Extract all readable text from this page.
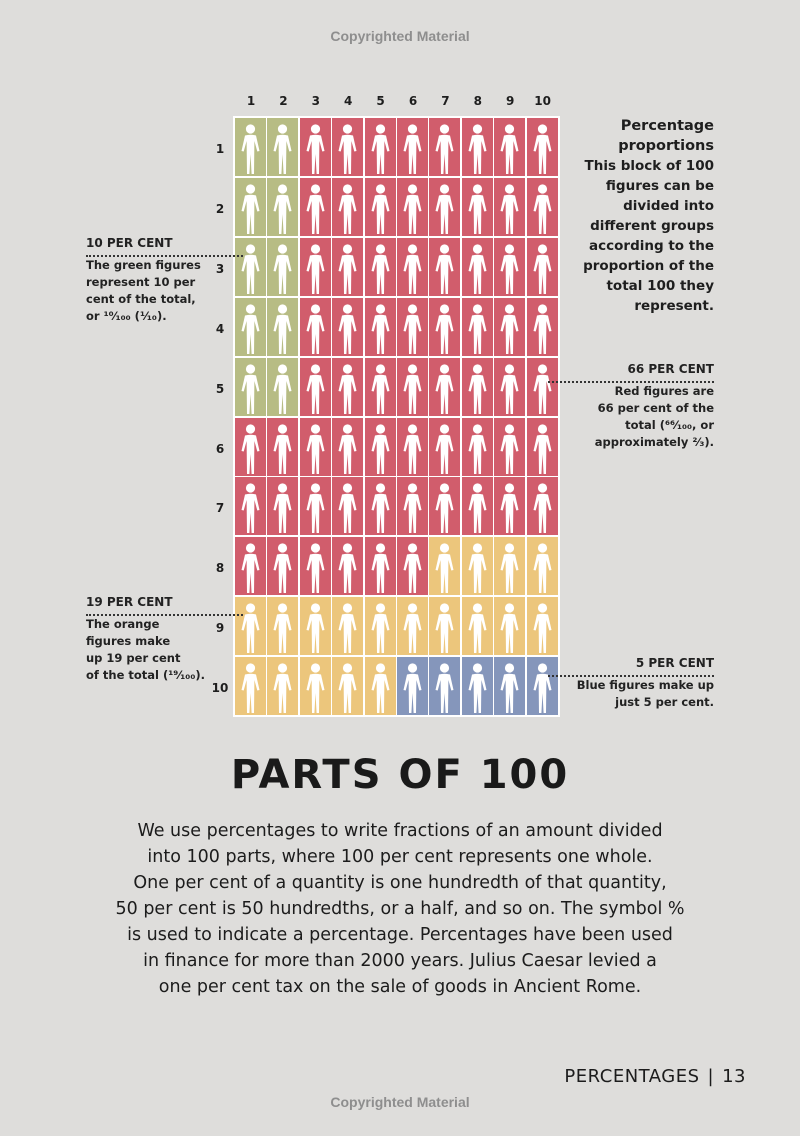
Copyrighted Material
1	2	3	4	5	6	7	8	9	10
1
2
3
4
5
6
7
8
9
10
Percentage
proportions
This block of 100
figures can be
divided into
different groups
according to the
proportion of the
total 100 they
represent.
10 PER CENT
The green figures
represent 10 per
cent of the total,
or ¹⁰⁄₁₀₀ (¹⁄₁₀).
66 PER CENT
Red figures are
66 per cent of the
total (⁶⁶⁄₁₀₀, or
approximately ²⁄₃).
19 PER CENT
The orange
figures make
up 19 per cent
of the total (¹⁹⁄₁₀₀).
5 PER CENT
Blue figures make up
just 5 per cent.
PARTS OF 100
We use percentages to write fractions of an amount divided
into 100 parts, where 100 per cent represents one whole.
One per cent of a quantity is one hundredth of that quantity,
50 per cent is 50 hundredths, or a half, and so on. The symbol %
is used to indicate a percentage. Percentages have been used
in finance for more than 2000 years. Julius Caesar levied a
one per cent tax on the sale of goods in Ancient Rome.
PERCENTAGES | 13
Copyrighted Material
